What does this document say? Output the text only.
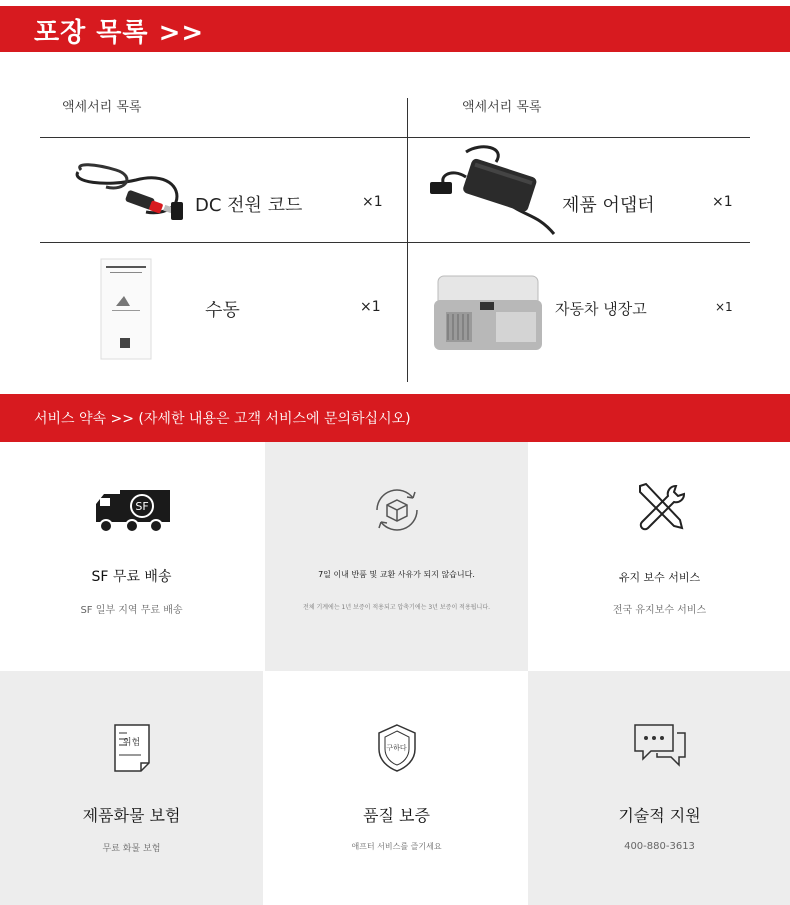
포장 목록 >>
액세서리 목록	액세서리 목록
DC 전원 코드	×1	제품 어댑터	×1
수동	×1	자동차 냉장고	×1
서비스 약속 >> (자세한 내용은 고객 서비스에 문의하십시오)
SF
SF 무료 배송
SF 일부 지역 무료 배송
7일 이내 반품 및 교환 사유가 되지 않습니다.
전체 기계에는 1년 보증이 적용되고 압축기에는 3년 보증이 적용됩니다.
유지 보수 서비스
전국 유지보수 서비스
위험
제품화물 보험
무료 화물 보험
구하다
품질 보증
애프터 서비스를 즐기세요
기술적 지원
400-880-3613
